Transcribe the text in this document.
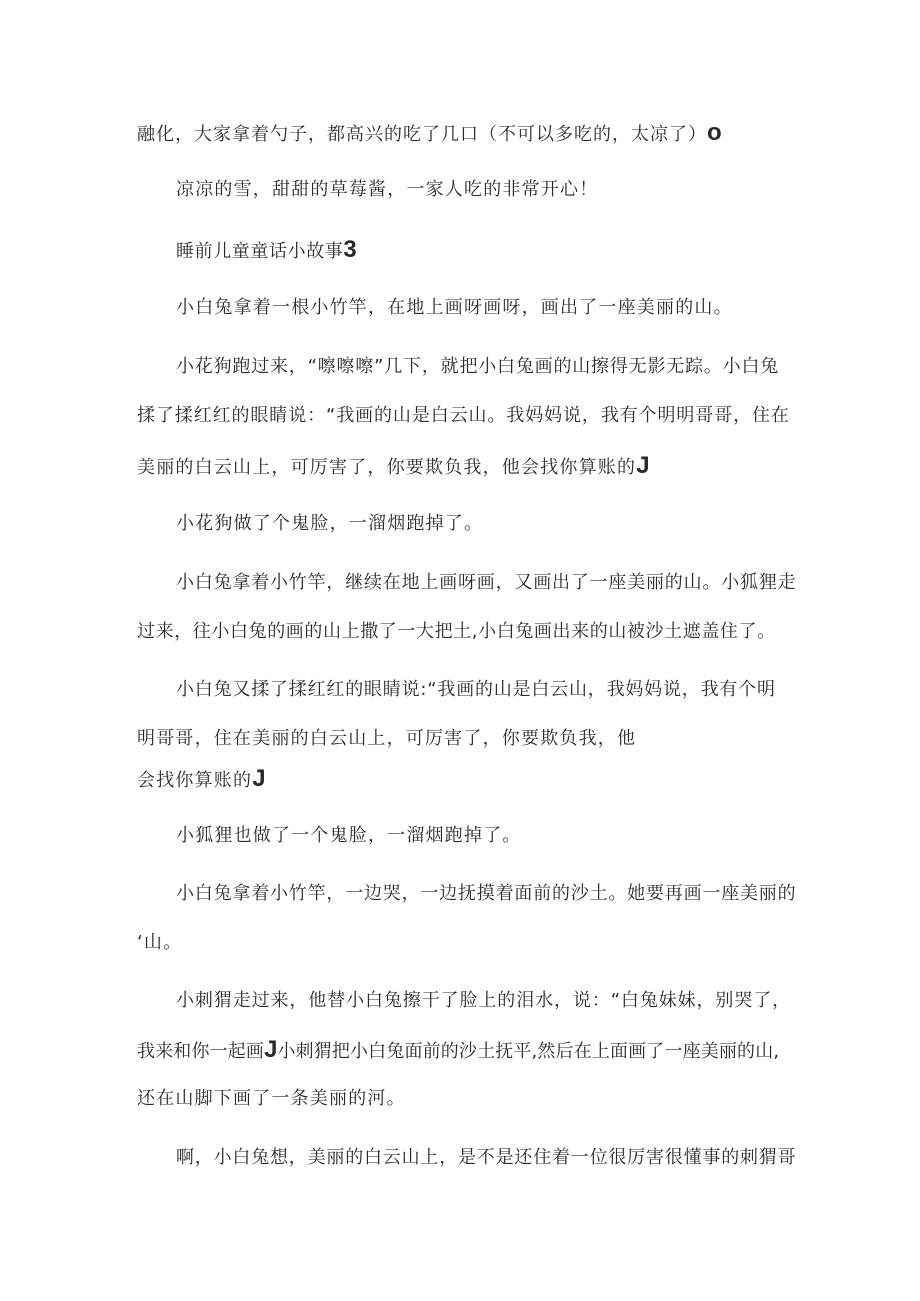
融化，大家拿着勺子，都高兴的吃了几口（不可以多吃的，太凉了）o
凉凉的雪，甜甜的草莓酱，一家人吃的非常开心！
睡前儿童童话小故事3
小白兔拿着一根小竹竿，在地上画呀画呀，画出了一座美丽的山。
小花狗跑过来，“嚓嚓嚓”几下，就把小白兔画的山擦得无影无踪。小白兔
揉了揉红红的眼睛说：“我画的山是白云山。我妈妈说，我有个明明哥哥，住在
美丽的白云山上，可厉害了，你要欺负我，他会找你算账的J
小花狗做了个鬼脸，一溜烟跑掉了。
小白兔拿着小竹竿，继续在地上画呀画，又画出了一座美丽的山。小狐狸走
过来，往小白兔的画的山上撒了一大把土,小白兔画出来的山被沙土遮盖住了。
小白兔又揉了揉红红的眼睛说:“我画的山是白云山，我妈妈说，我有个明
明哥哥，住在美丽的白云山上，可厉害了，你要欺负我，他
会找你算账的J
小狐狸也做了一个鬼脸，一溜烟跑掉了。
小白兔拿着小竹竿，一边哭，一边抚摸着面前的沙土。她要再画一座美丽的
‘山。
小刺猬走过来，他替小白兔擦干了脸上的泪水，说：“白兔妹妹，别哭了，
我来和你一起画J小刺猬把小白兔面前的沙土抚平,然后在上面画了一座美丽的山,
还在山脚下画了一条美丽的河。
啊，小白兔想，美丽的白云山上，是不是还住着一位很厉害很懂事的刺猬哥
